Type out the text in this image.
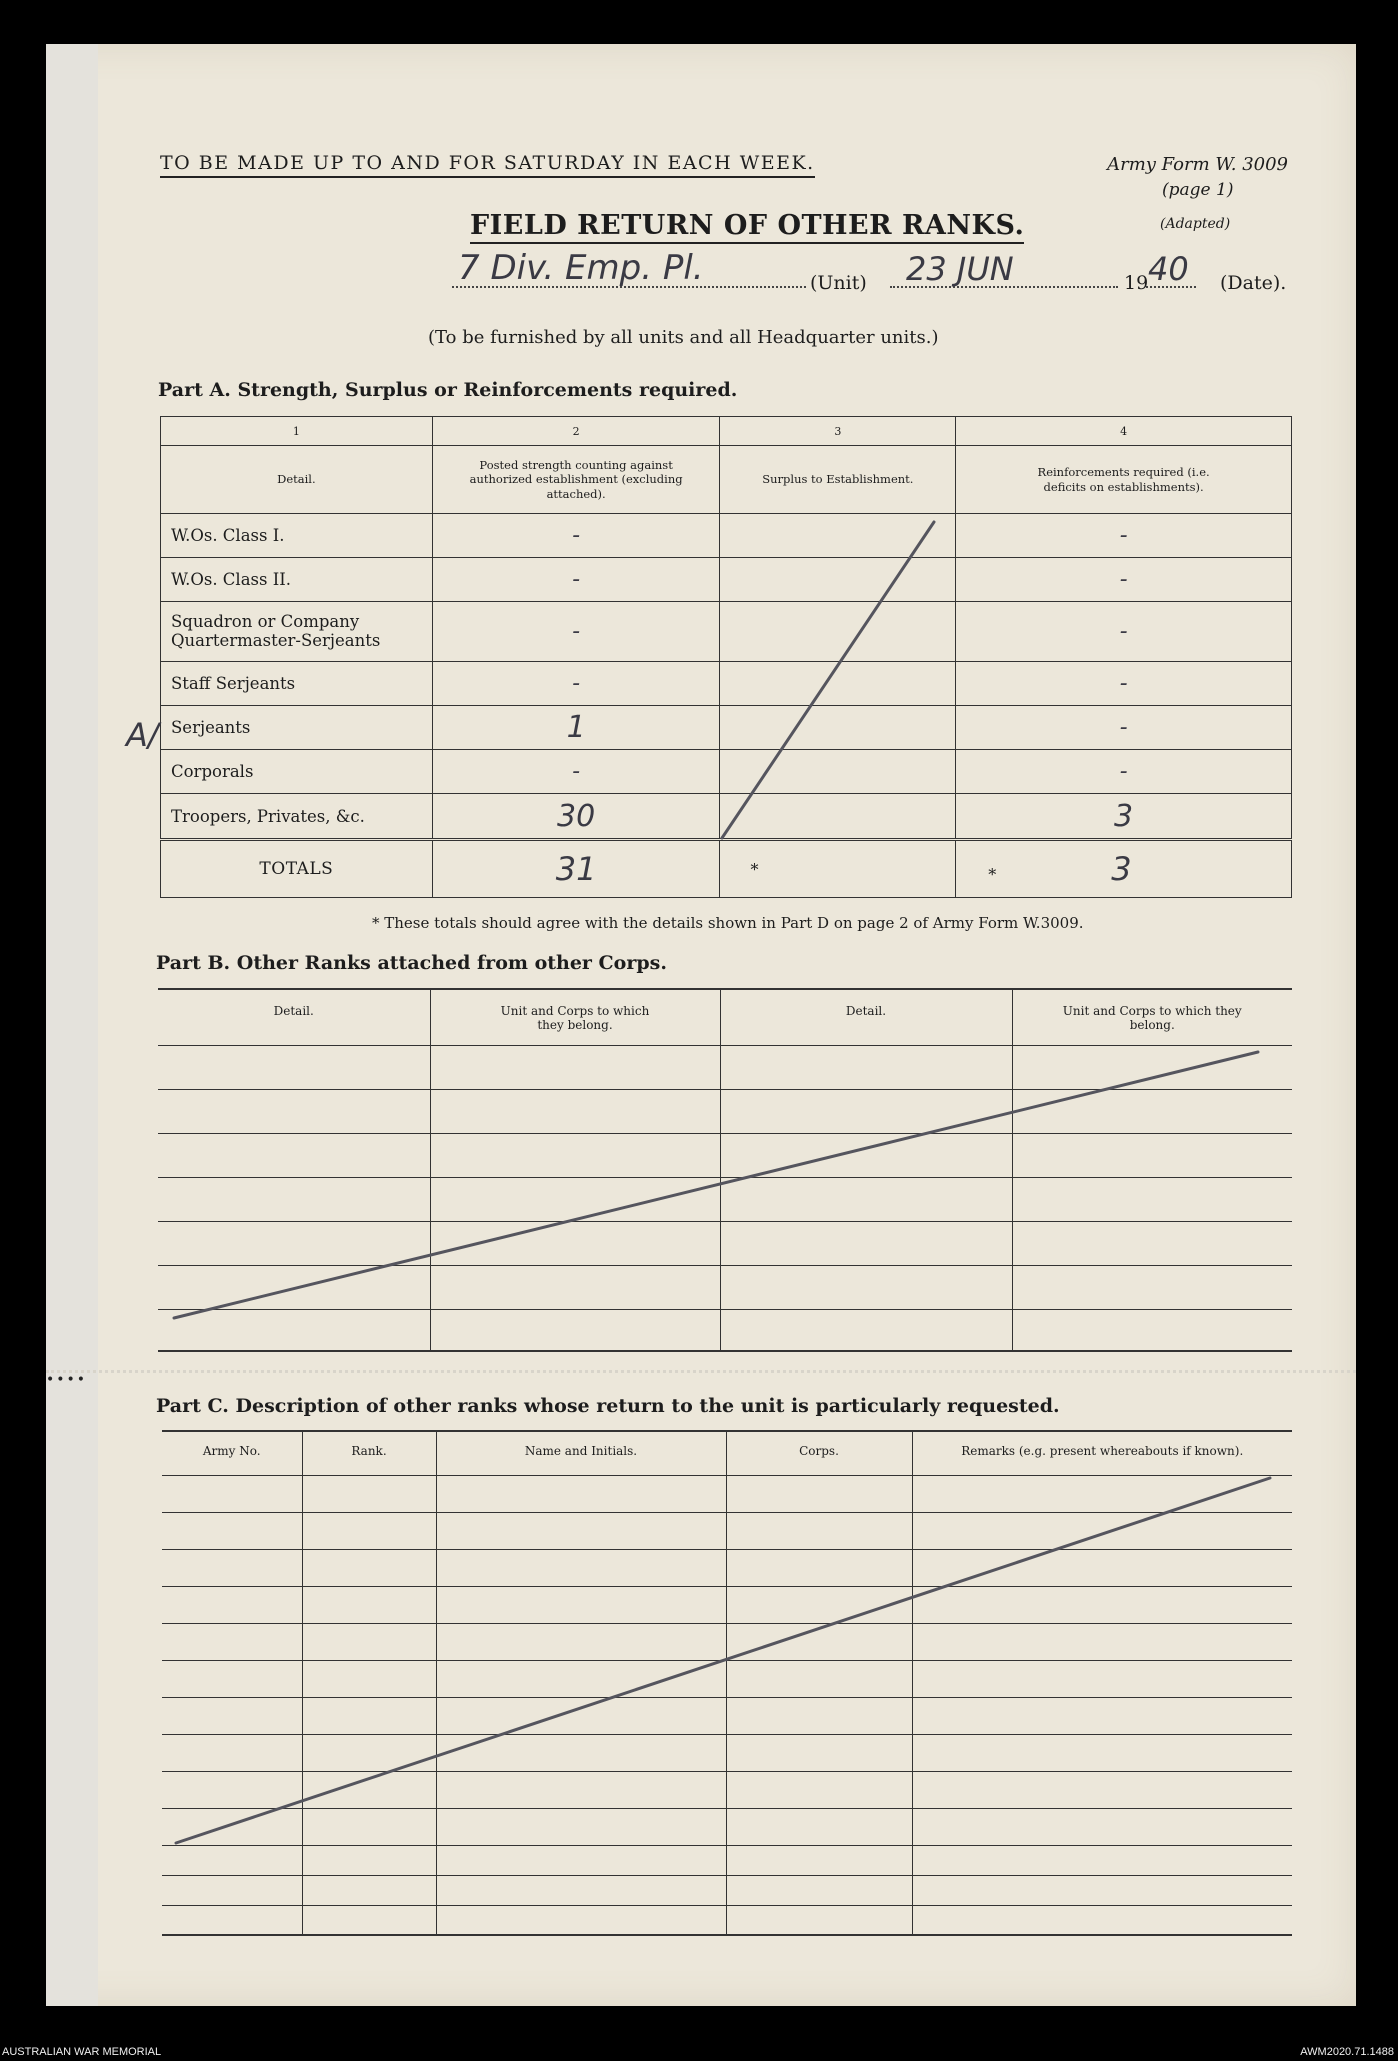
TO BE MADE UP TO AND FOR SATURDAY IN EACH WEEK.	Army Form W. 3009
(page 1)
(Adapted)
FIELD RETURN OF OTHER RANKS.
7 Div. Emp. Pl.	(Unit) 23 JUN	19 40 (Date).
(To be furnished by all units and all Headquarter units.)
Part A. Strength, Surplus or Reinforcements required.
1	2	3	4
Detail.	Posted strength counting against authorized establishment (excluding attached).	Surplus to Establishment.	Reinforcements required (i.e. deficits on establishments).
W.Os. Class I.	-		-
W.Os. Class II.	-		-
Squadron or Company Quartermaster-Serjeants	-		-
Staff Serjeants	-		-
Serjeants	1		-
Corporals	-		-
Troopers, Privates, &c.	30		3
TOTALS	31	*	* 3
A/
* These totals should agree with the details shown in Part D on page 2 of Army Form W.3009.
Part B. Other Ranks attached from other Corps.
Detail.	Unit and Corps to which they belong.	Detail.	Unit and Corps to which they belong.

••••
Part C. Description of other ranks whose return to the unit is particularly requested.
Army No.	Rank.	Name and Initials.	Corps.	Remarks (e.g. present whereabouts if known).

AUSTRALIAN WAR MEMORIAL	AWM2020.71.1488
